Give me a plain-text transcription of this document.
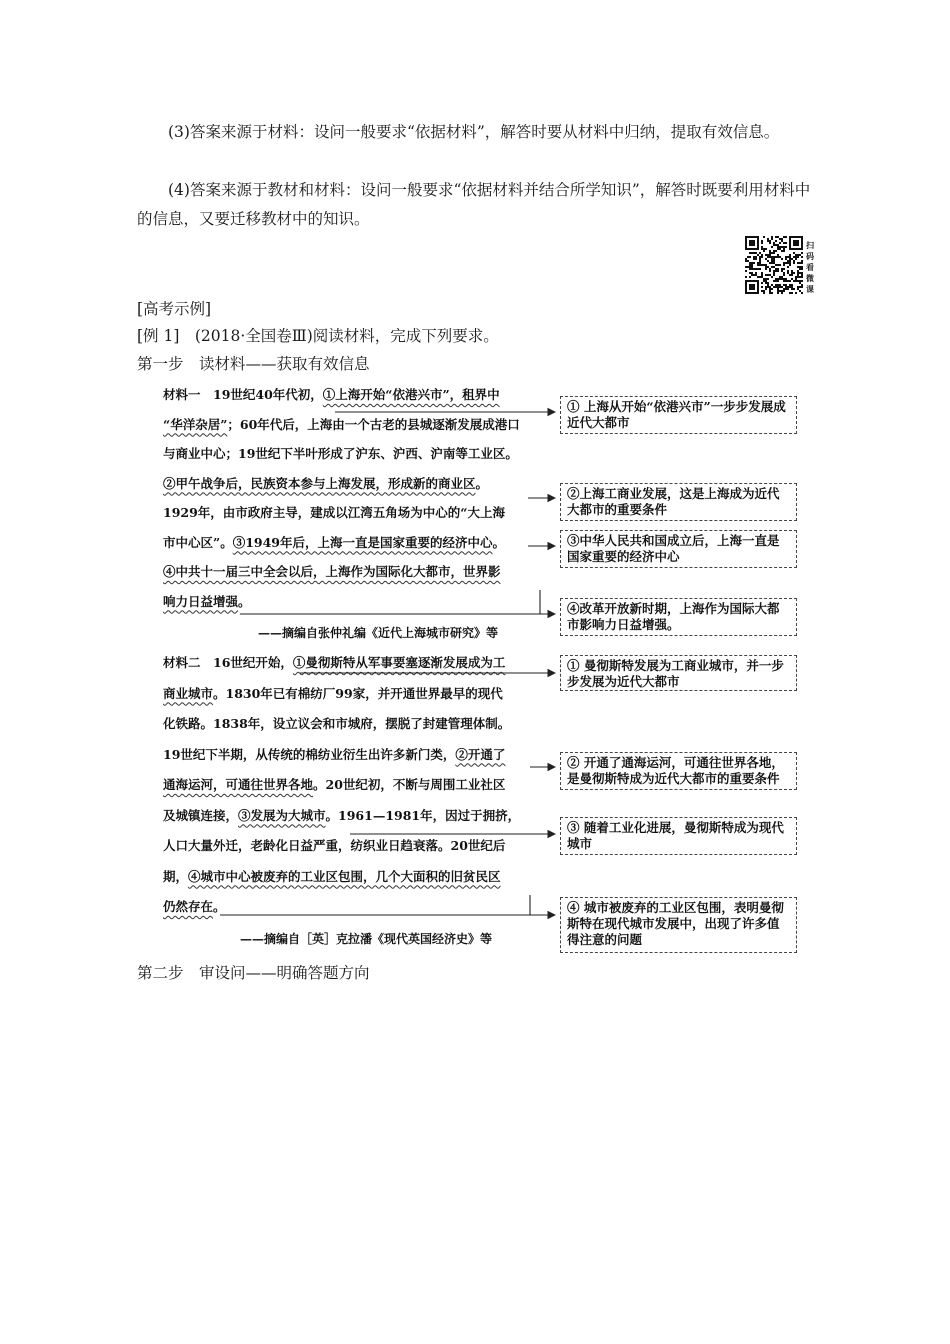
(3)答案来源于材料：设问一般要求“依据材料”，解答时要从材料中归纳，提取有效信息。

(4)答案来源于教材和材料：设问一般要求“依据材料并结合所学知识”，解答时既要利用材料中的信息，又要迁移教材中的知识。

扫码看微课
[高考示例]
[例 1]　(2018·全国卷Ⅲ)阅读材料，完成下列要求。
第一步　读材料——获取有效信息
材料一　19世纪40年代初，①上海开始“依港兴市”，租界中
“华洋杂居”；60年代后，上海由一个古老的县城逐渐发展成港口
与商业中心；19世纪下半叶形成了沪东、沪西、沪南等工业区。
②甲午战争后，民族资本参与上海发展，形成新的商业区。
1929年，由市政府主导，建成以江湾五角场为中心的“大上海
市中心区”。③1949年后，上海一直是国家重要的经济中心。
④中共十一届三中全会以后，上海作为国际化大都市，世界影
响力日益增强。
——摘编自张仲礼编《近代上海城市研究》等
① 上海从开始“依港兴市”一步步发展成近代大都市
②上海工商业发展，这是上海成为近代大都市的重要条件
③中华人民共和国成立后，上海一直是国家重要的经济中心
④改革开放新时期，上海作为国际大都市影响力日益增强。
材料二　16世纪开始，①曼彻斯特从军事要塞逐渐发展成为工
商业城市。1830年已有棉纺厂99家，并开通世界最早的现代
化铁路。1838年，设立议会和市城府，摆脱了封建管理体制。
19世纪下半期，从传统的棉纺业衍生出许多新门类，②开通了
通海运河，可通往世界各地。20世纪初，不断与周围工业社区
及城镇连接，③发展为大城市。1961—1981年，因过于拥挤，
人口大量外迁，老龄化日益严重，纺织业日趋衰落。20世纪后
期，④城市中心被废弃的工业区包围，几个大面积的旧贫民区
仍然存在。
——摘编自［英］克拉潘《现代英国经济史》等
① 曼彻斯特发展为工商业城市，并一步步发展为近代大都市
② 开通了通海运河，可通往世界各地，是曼彻斯特成为近代大都市的重要条件
③ 随着工业化进展，曼彻斯特成为现代城市
④ 城市被废弃的工业区包围，表明曼彻斯特在现代城市发展中，出现了许多值得注意的问题
第二步　审设问——明确答题方向
